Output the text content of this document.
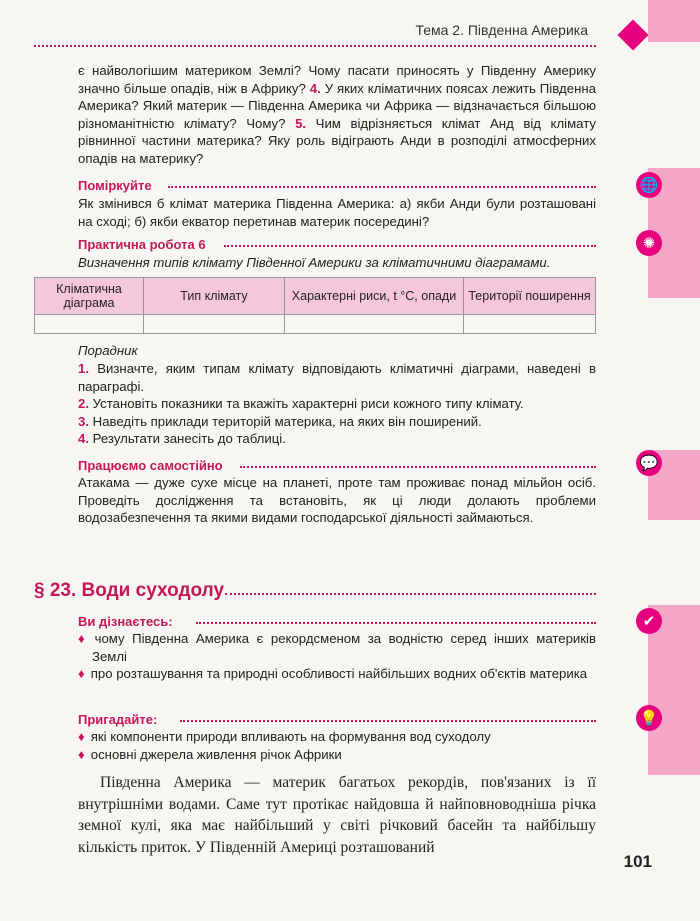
🌐
✺
💬
✔
💡
Тема 2. Південна Америка
є найвологішим материком Землі? Чому пасати приносять у Південну Америку значно більше опадів, ніж в Африку? 4. У яких кліматичних поясах лежить Південна Америка? Який материк — Південна Америка чи Африка — відзначається більшою різноманітністю клімату? Чому? 5. Чим відрізняється клімат Анд від клімату рівнинної частини материка? Яку роль відіграють Анди в розподілі атмосферних опадів на материку?
Поміркуйте
Як змінився б клімат материка Південна Америка: а) якби Анди були розташовані на сході; б) якби екватор перетинав материк посередині?
Практична робота 6
Визначення типів клімату Південної Америки за кліматичними діаграмами.
Кліматична діаграма	Тип клімату	Характерні риси, t °С, опади	Території поширення

Порадник
1. Визначте, яким типам клімату відповідають кліматичні діаграми, наведені в параграфі.
2. Установіть показники та вкажіть характерні риси кожного типу клімату.
3. Наведіть приклади територій материка, на яких він поширений.
4. Результати занесіть до таблиці.
Працюємо самостійно
Атакама — дуже сухе місце на планеті, проте там проживає понад мільйон осіб. Проведіть дослідження та встановіть, як ці люди долають проблеми водозабезпечення та якими видами господарської діяльності займаються.
§ 23. Води суходолу
Ви дізнаєтесь:
♦ чому Південна Америка є рекордсменом за водністю серед інших материків Землі
♦ про розташування та природні особливості найбільших водних об'єктів материка
Пригадайте:
♦ які компоненти природи впливають на формування вод суходолу
♦ основні джерела живлення річок Африки
Південна Америка — материк багатьох рекордів, пов'язаних із її внутрішніми водами. Саме тут протікає найдовша й найповноводніша річка земної кулі, яка має найбільший у світі річковий басейн та найбільшу кількість приток. У Південній Америці розташований
101
